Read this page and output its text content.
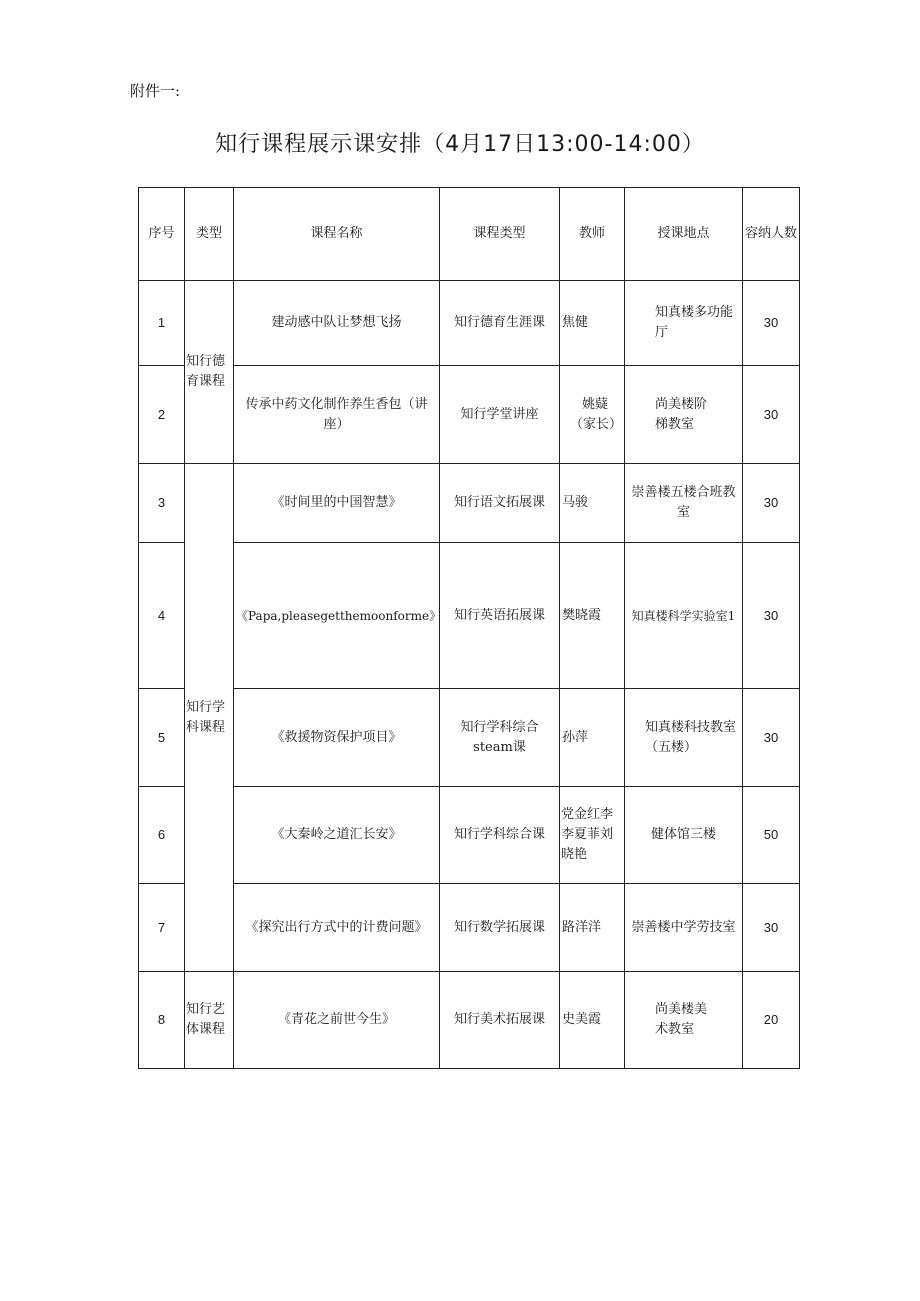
附件一:
知行课程展示课安排（4月17日13:00-14:00）
序号	类型	课程名称	课程类型	教师	授课地点	容纳人数
1	知行德育课程	建动感中队让梦想飞扬	知行德育生涯课	焦健	知真楼多功能厅	30
2		传承中药文化制作养生香包（讲座）	知行学堂讲座	姚薿（家长）	尚美楼阶梯教室	30
3	知行学科课程	《时间里的中国智慧》	知行语文拓展课	马骏	崇善楼五楼合班教室	30
4		《Papa,pleasegetthemoonforme》	知行英语拓展课	樊晓霞	知真楼科学实验室1	30
5		《救援物资保护项目》	知行学科综合steam课	孙萍	知真楼科技教室（五楼）	30
6		《大秦岭之道汇长安》	知行学科综合课	党金红李李夏菲刘晓艳	健体馆三楼	50
7		《探究出行方式中的计费问题》	知行数学拓展课	路洋洋	崇善楼中学劳技室	30
8	知行艺体课程	《青花之前世今生》	知行美术拓展课	史美霞	尚美楼美术教室	20
